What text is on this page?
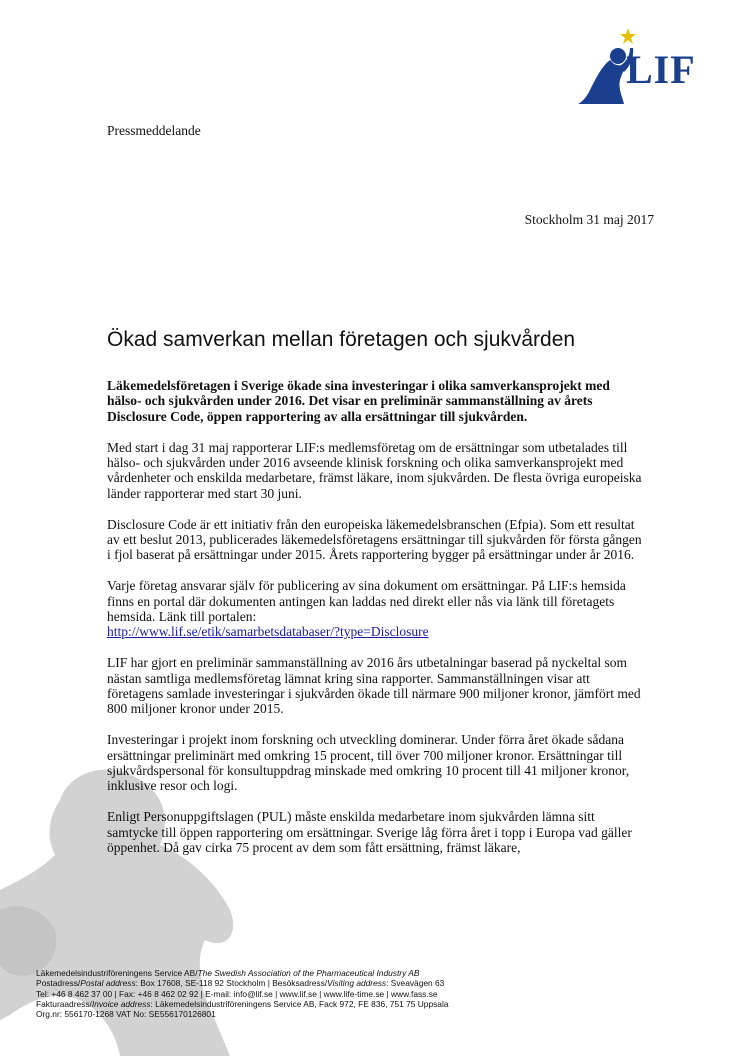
LIF
Pressmeddelande
Stockholm 31 maj 2017
Ökad samverkan mellan företagen och sjukvården

Läkemedelsföretagen i Sverige ökade sina investeringar i olika samverkansprojekt med hälso- och sjukvården under 2016. Det visar en preliminär sammanställning av årets Disclosure Code, öppen rapportering av alla ersättningar till sjukvården.

Med start i dag 31 maj rapporterar LIF:s medlemsföretag om de ersättningar som utbetalades till hälso- och sjukvården under 2016 avseende klinisk forskning och olika samverkansprojekt med vårdenheter och enskilda medarbetare, främst läkare, inom sjukvården. De flesta övriga europeiska länder rapporterar med start 30 juni.

Disclosure Code är ett initiativ från den europeiska läkemedelsbranschen (Efpia). Som ett resultat av ett beslut 2013, publicerades läkemedelsföretagens ersättningar till sjukvården för första gången i fjol baserat på ersättningar under 2015. Årets rapportering bygger på ersättningar under år 2016.

Varje företag ansvarar själv för publicering av sina dokument om ersättningar. På LIF:s hemsida finns en portal där dokumenten antingen kan laddas ned direkt eller nås via länk till företagets hemsida. Länk till portalen:
http://www.lif.se/etik/samarbetsdatabaser/?type=Disclosure

LIF har gjort en preliminär sammanställning av 2016 års utbetalningar baserad på nyckeltal som nästan samtliga medlemsföretag lämnat kring sina rapporter. Sammanställningen visar att företagens samlade investeringar i sjukvården ökade till närmare 900 miljoner kronor, jämfört med 800 miljoner kronor under 2015.

Investeringar i projekt inom forskning och utveckling dominerar. Under förra året ökade sådana ersättningar preliminärt med omkring 15 procent, till över 700 miljoner kronor. Ersättningar till sjukvårdspersonal för konsultuppdrag minskade med omkring 10 procent till 41 miljoner kronor, inklusive resor och logi.

Enligt Personuppgiftslagen (PUL) måste enskilda medarbetare inom sjukvården lämna sitt samtycke till öppen rapportering om ersättningar. Sverige låg förra året i topp i Europa vad gäller öppenhet. Då gav cirka 75 procent av dem som fått ersättning, främst läkare,

Läkemedelsindustriföreningens Service AB/The Swedish Association of the Pharmaceutical Industry AB
Postadress/Postal address: Box 17608, SE-118 92 Stockholm | Besöksadress/Visiting address: Sveavägen 63
Tel: +46 8 462 37 00 | Fax: +46 8 462 02 92 | E-mail: info@lif.se | www.lif.se | www.life-time.se | www.fass.se
Fakturaadress/Invoice address: Läkemedelsindustriföreningens Service AB, Fack 972, FE 836, 751 75 Uppsala
Org.nr: 556170-1268 VAT No: SE556170126801
